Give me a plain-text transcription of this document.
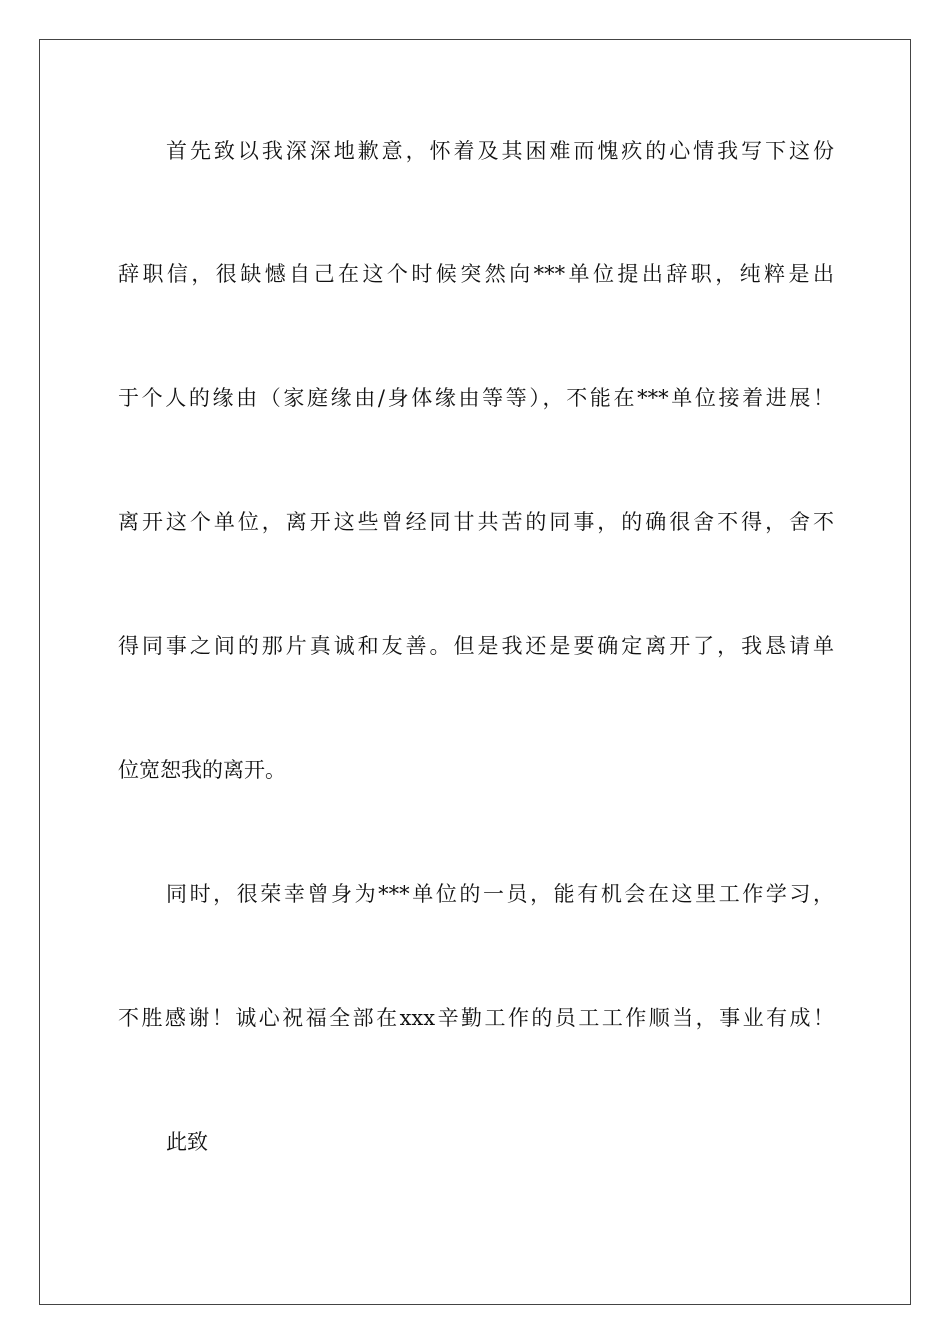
首先致以我深深地歉意，怀着及其困难而愧疚的心情我写下这份
辞职信，很缺憾自己在这个时候突然向***单位提出辞职，纯粹是出
于个人的缘由（家庭缘由/身体缘由等等），不能在***单位接着进展！
离开这个单位，离开这些曾经同甘共苦的同事，的确很舍不得，舍不
得同事之间的那片真诚和友善。但是我还是要确定离开了，我恳请单
位宽恕我的离开。
同时，很荣幸曾身为***单位的一员，能有机会在这里工作学习，
不胜感谢！诚心祝福全部在xxx辛勤工作的员工工作顺当，事业有成！
此致
